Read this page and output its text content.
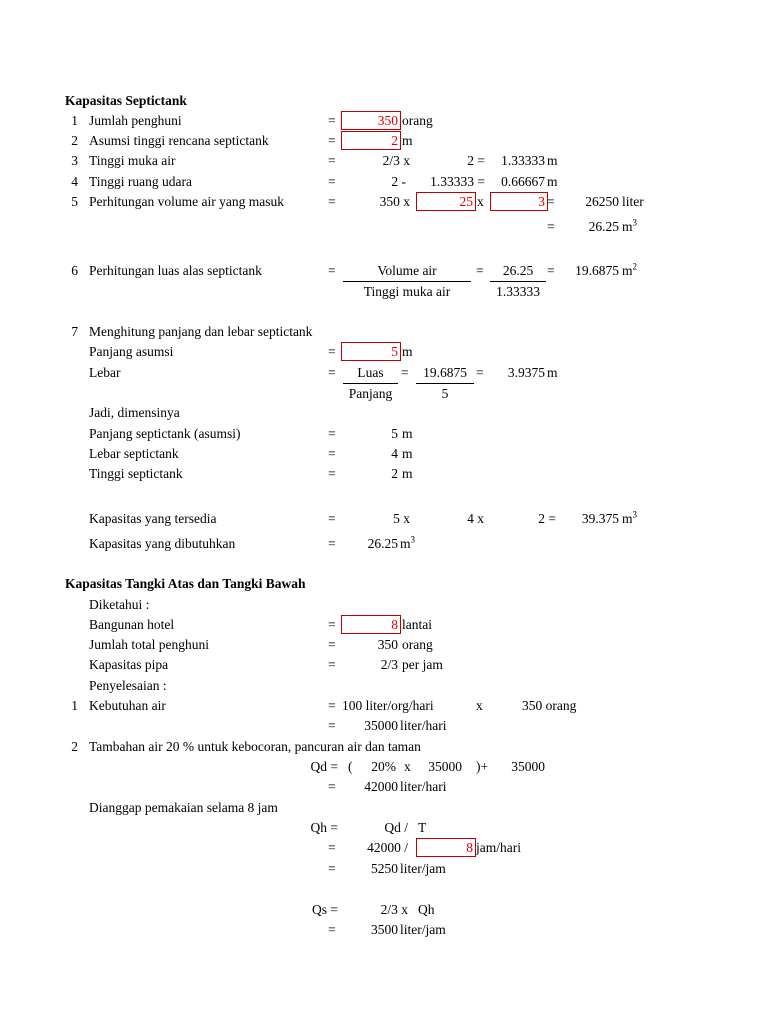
Kapasitas Septictank
1 Jumlah penghuni	=	350 orang
2 Asumsi tinggi rencana septictank	=	2 m
3 Tinggi muka air	=	2/3 x	2 =	1.33333 m
4 Tinggi ruang udara	=	2 -	1.33333 =	0.66667 m
5 Perhitungan volume air yang masuk	=	350 x	25 x	3 =	26250 liter
=	26.25 $m^3$
6 Perhitungan luas alas septictank	=	Volume air
Tinggi muka air
=	26.25
1.33333
=	19.6875 $m^2$
7 Menghitung panjang dan lebar septictank
Panjang asumsi	=	5 m
Lebar	=	Luas
Panjang
=	19.6875
5
=	3.9375 m
Jadi, dimensinya
Panjang septictank (asumsi)	=	5 m
Lebar septictank	=	4 m
Tinggi septictank	=	2 m
Kapasitas yang tersedia	=	5 x	4 x	2 =	39.375 $m^3$
Kapasitas yang dibutuhkan	=	26.25 $m^3$
Kapasitas Tangki Atas dan Tangki Bawah
Diketahui :
Bangunan hotel	=	8 lantai
Jumlah total penghuni	=	350 orang
Kapasitas pipa	=	2/3 per jam
Penyelesaian :
1 Kebutuhan air	= 100 liter/org/hari	x	350 orang
=	35000 liter/hari
2 Tambahan air 20 % untuk kebocoran, pancuran air dan taman
Qd = (	20% x	35000 )+	35000
=	42000 liter/hari
Dianggap pemakaian selama 8 jam
Qh =	Qd / T
=	42000 /	8 jam/hari
=	5250 liter/jam
Qs =	2/3 x Qh
=	3500 liter/jam
